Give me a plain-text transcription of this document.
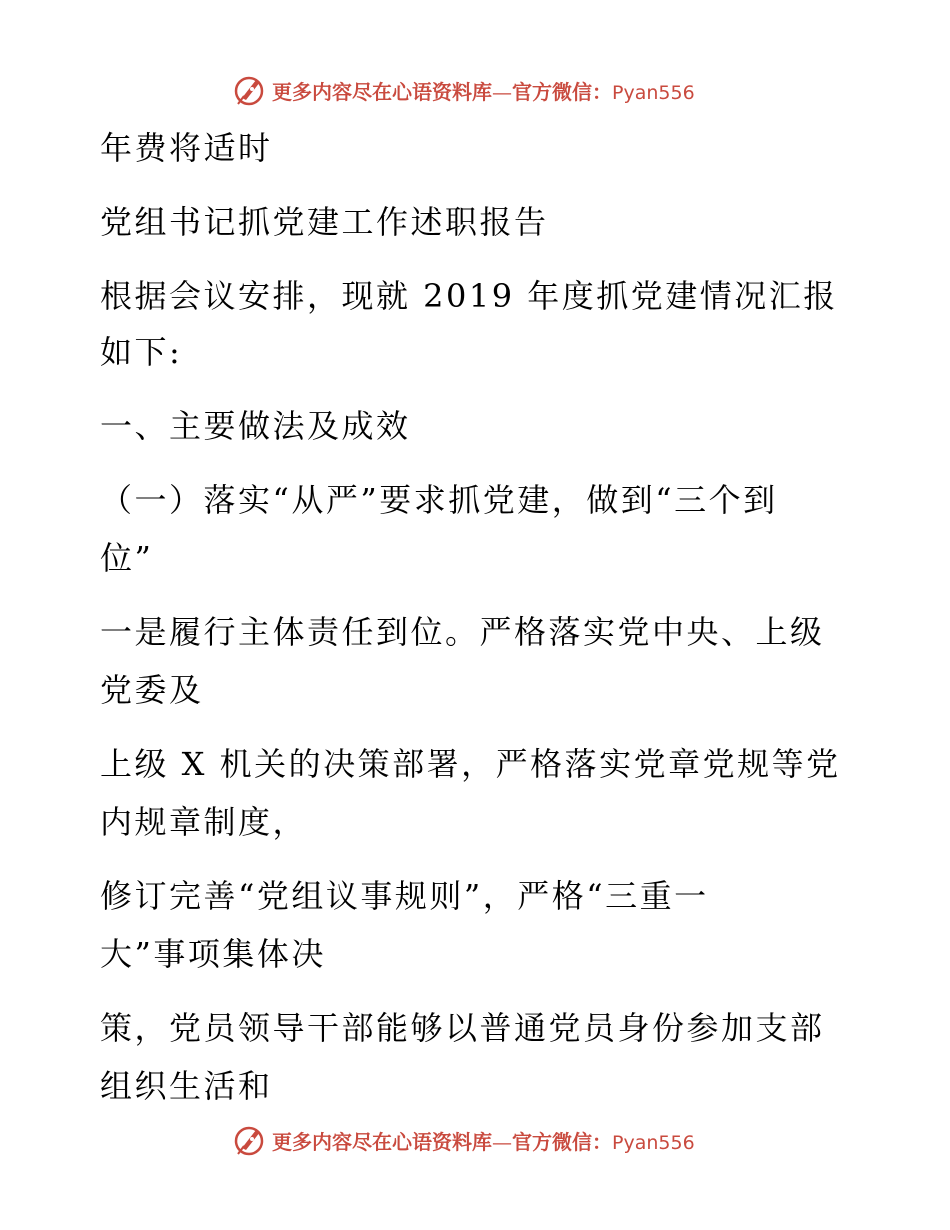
更多内容尽在心语资料库—官方微信：Pyan556
年费将适时
党组书记抓党建工作述职报告
根据会议安排，现就 2019 年度抓党建情况汇报
如下:
一、主要做法及成效
（一）落实“从严”要求抓党建，做到“三个到
位”
一是履行主体责任到位。严格落实党中央、上级
党委及
上级 X 机关的决策部署，严格落实党章党规等党
内规章制度，
修订完善“党组议事规则”，严格“三重一
大”事项集体决
策，党员领导干部能够以普通党员身份参加支部
组织生活和
更多内容尽在心语资料库—官方微信：Pyan556
